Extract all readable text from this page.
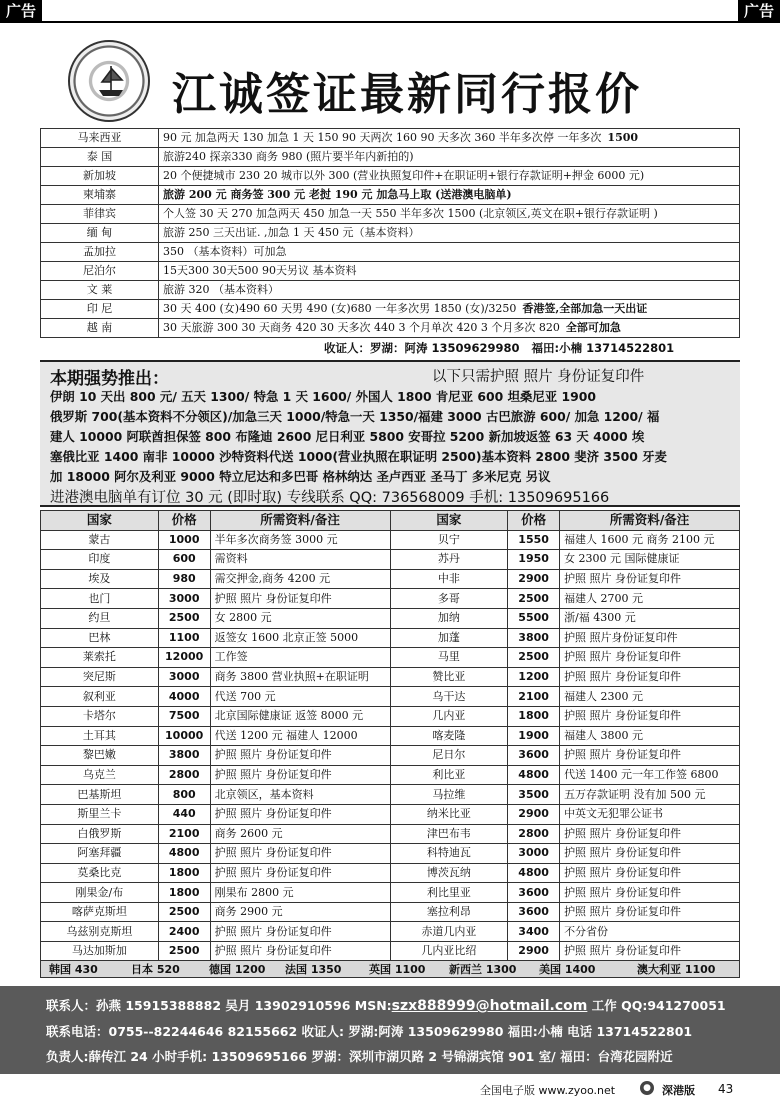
广告	广告
江诚签证最新同行报价
马来西亚	90 元 加急两天 130 加急 1 天 150 90 天两次 160 90 天多次 360 半年多次停 一年多次 1500
泰 国	旅游240 探亲330 商务 980 (照片要半年内新拍的)
新加坡	20 个便捷城市 230 20 城市以外 300 (营业执照复印件+在职证明+银行存款证明+押金 6000 元)
柬埔寨	旅游 200 元 商务签 300 元 老挝 190 元 加急马上取 (送港澳电脑单)
菲律宾	个人签 30 天 270 加急两天 450 加急一天 550 半年多次 1500 (北京领区,英文在职+银行存款证明 )
缅 甸	旅游 250 三天出证. ,加急 1 天 450 元（基本资料）
孟加拉	350 （基本资料）可加急
尼泊尔	15天300 30天500 90天另议 基本资料
文 莱	旅游 320 （基本资料）
印 尼	30 天 400 (女)490 60 天男 490 (女)680 一年多次男 1850 (女)/3250 香港签,全部加急一天出证
越 南	30 天旅游 300 30 天商务 420 30 天多次 440 3 个月单次 420 3 个月多次 820 全部可加急
收证人：罗湖：阿涛 13509629980 福田:小楠 13714522801
本期强势推出：	以下只需护照 照片 身份证复印件
伊朗 10 天出 800 元/ 五天 1300/ 特急 1 天 1600/ 外国人 1800 肯尼亚 600 坦桑尼亚 1900
俄罗斯 700(基本资料不分领区)/加急三天 1000/特急一天 1350/福建 3000 古巴旅游 600/ 加急 1200/ 福
建人 10000 阿联酋担保签 800 布隆迪 2600 尼日利亚 5800 安哥拉 5200 新加坡返签 63 天 4000 埃
塞俄比亚 1400 南非 10000 沙特资料代送 1000(营业执照在职证明 2500)基本资料 2800 斐济 3500 牙麦
加 18000 阿尔及利亚 9000 特立尼达和多巴哥 格林纳达 圣卢西亚 圣马丁 多米尼克 另议
进港澳电脑单有订位 30 元 (即时取) 专线联系 QQ: 736568009 手机: 13509695166
国家	价格	所需资料/备注	国家	价格	所需资料/备注
蒙古	1000	半年多次商务签 3000 元	贝宁	1550	福建人 1600 元 商务 2100 元
印度	600	需资料	苏丹	1950	女 2300 元 国际健康证
埃及	980	需交押金,商务 4200 元	中非	2900	护照 照片 身份证复印件
也门	3000	护照 照片 身份证复印件	多哥	2500	福建人 2700 元
约旦	2500	女 2800 元	加纳	5500	浙/福 4300 元
巴林	1100	返签女 1600 北京正签 5000	加蓬	3800	护照 照片身份证复印件
莱索托	12000	工作签	马里	2500	护照 照片 身份证复印件
突尼斯	3000	商务 3800 营业执照+在职证明	赞比亚	1200	护照 照片 身份证复印件
叙利亚	4000	代送 700 元	乌干达	2100	福建人 2300 元
卡塔尔	7500	北京国际健康证 返签 8000 元	几内亚	1800	护照 照片 身份证复印件
土耳其	10000	代送 1200 元 福建人 12000	喀麦隆	1900	福建人 3800 元
黎巴嫩	3800	护照 照片 身份证复印件	尼日尔	3600	护照 照片 身份证复印件
乌克兰	2800	护照 照片 身份证复印件	利比亚	4800	代送 1400 元一年工作签 6800
巴基斯坦	800	北京领区，基本资料	马拉维	3500	五万存款证明 没有加 500 元
斯里兰卡	440	护照 照片 身份证复印件	纳米比亚	2900	中英文无犯罪公证书
白俄罗斯	2100	商务 2600 元	津巴布韦	2800	护照 照片 身份证复印件
阿塞拜疆	4800	护照 照片 身份证复印件	科特迪瓦	3000	护照 照片 身份证复印件
莫桑比克	1800	护照 照片 身份证复印件	博茨瓦纳	4800	护照 照片 身份证复印件
刚果金/布	1800	刚果布 2800 元	利比里亚	3600	护照 照片 身份证复印件
喀萨克斯坦	2500	商务 2900 元	塞拉利昂	3600	护照 照片 身份证复印件
乌兹别克斯坦	2400	护照 照片 身份证复印件	赤道几内亚	3400	不分省份
马达加斯加	2500	护照 照片 身份证复印件	几内亚比绍	2900	护照 照片 身份证复印件
韩国 430	日本 520	德国 1200 法国 1350	英国 1100 新西兰 1300 美国 1400	澳大利亚 1100
联系人：孙燕 15915388882 吴月 13902910596 MSN:szx888999@hotmail.com 工作 QQ:941270051
联系电话：0755--82244646 82155662 收证人: 罗湖:阿涛 13509629980 福田:小楠 电话 13714522801
负责人:薛传江 24 小时手机: 13509695166 罗湖：深圳市湖贝路 2 号锦湖宾馆 901 室/ 福田：台湾花园附近
全国电子版 www.zyoo.net	● 深港版 43
